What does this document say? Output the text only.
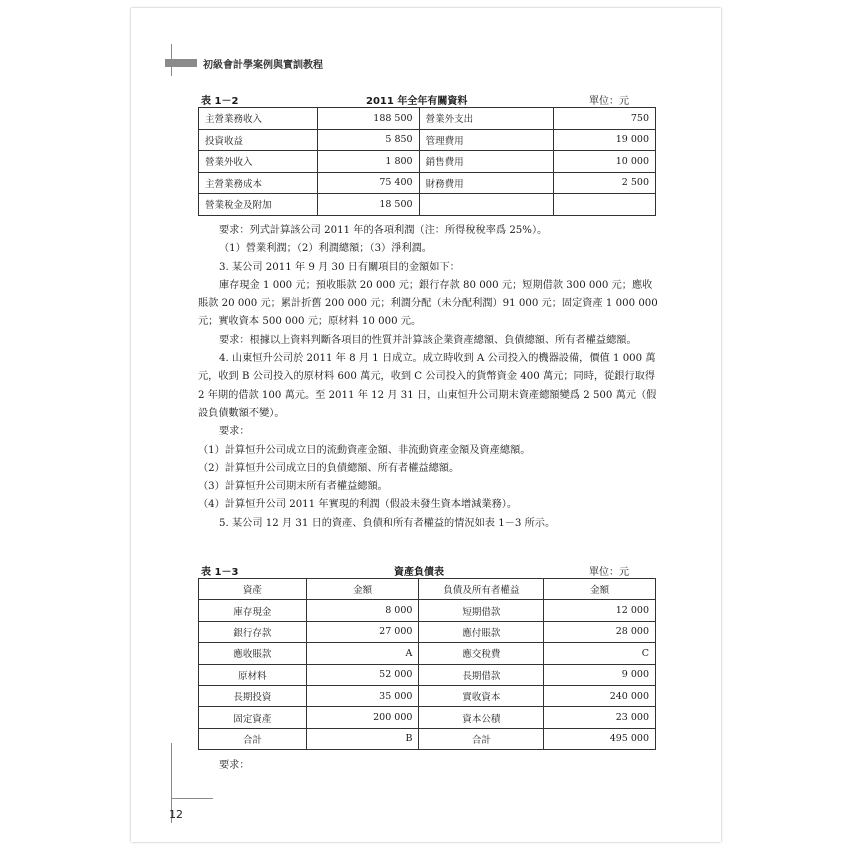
初級會計學案例與實訓教程
表 1－2	2011 年全年有關資料	單位：元
主營業務收入	188 500	營業外支出	750
投資收益	5 850	管理費用	19 000
營業外收入	1 800	銷售費用	10 000
主營業務成本	75 400	財務費用	2 500
營業稅金及附加	18 500		

要求：列式計算該公司 2011 年的各項利潤（注：所得稅稅率爲 25%）。

（1）營業利潤；（2）利潤總額；（3）淨利潤。

3. 某公司 2011 年 9 月 30 日有關項目的金額如下：

庫存現金 1 000 元；預收賬款 20 000 元；銀行存款 80 000 元；短期借款 300 000 元；應收賬款 20 000 元；累計折舊 200 000 元；利潤分配（未分配利潤）91 000 元；固定資產 1 000 000 元；實收資本 500 000 元；原材料 10 000 元。

要求：根據以上資料判斷各項目的性質并計算該企業資產總額、負債總額、所有者權益總額。

4. 山東恒升公司於 2011 年 8 月 1 日成立。成立時收到 A 公司投入的機器設備，價值 1 000 萬元，收到 B 公司投入的原材料 600 萬元，收到 C 公司投入的貨幣資金 400 萬元；同時，從銀行取得 2 年期的借款 100 萬元。至 2011 年 12 月 31 日，山東恒升公司期末資產總額變爲 2 500 萬元（假設負債數額不變）。

要求：

（1）計算恒升公司成立日的流動資產金額、非流動資產金額及資產總額。

（2）計算恒升公司成立日的負債總額、所有者權益總額。

（3）計算恒升公司期末所有者權益總額。

（4）計算恒升公司 2011 年實現的利潤（假設未發生資本增減業務）。

5. 某公司 12 月 31 日的資產、負債和所有者權益的情況如表 1－3 所示。

表 1－3	資產負債表	單位：元
資產	金額	負債及所有者權益	金額
庫存現金	8 000	短期借款	12 000
銀行存款	27 000	應付賬款	28 000
應收賬款	A	應交稅費	C
原材料	52 000	長期借款	9 000
長期投資	35 000	實收資本	240 000
固定資產	200 000	資本公積	23 000
合計	B	合計	495 000

要求：

12
